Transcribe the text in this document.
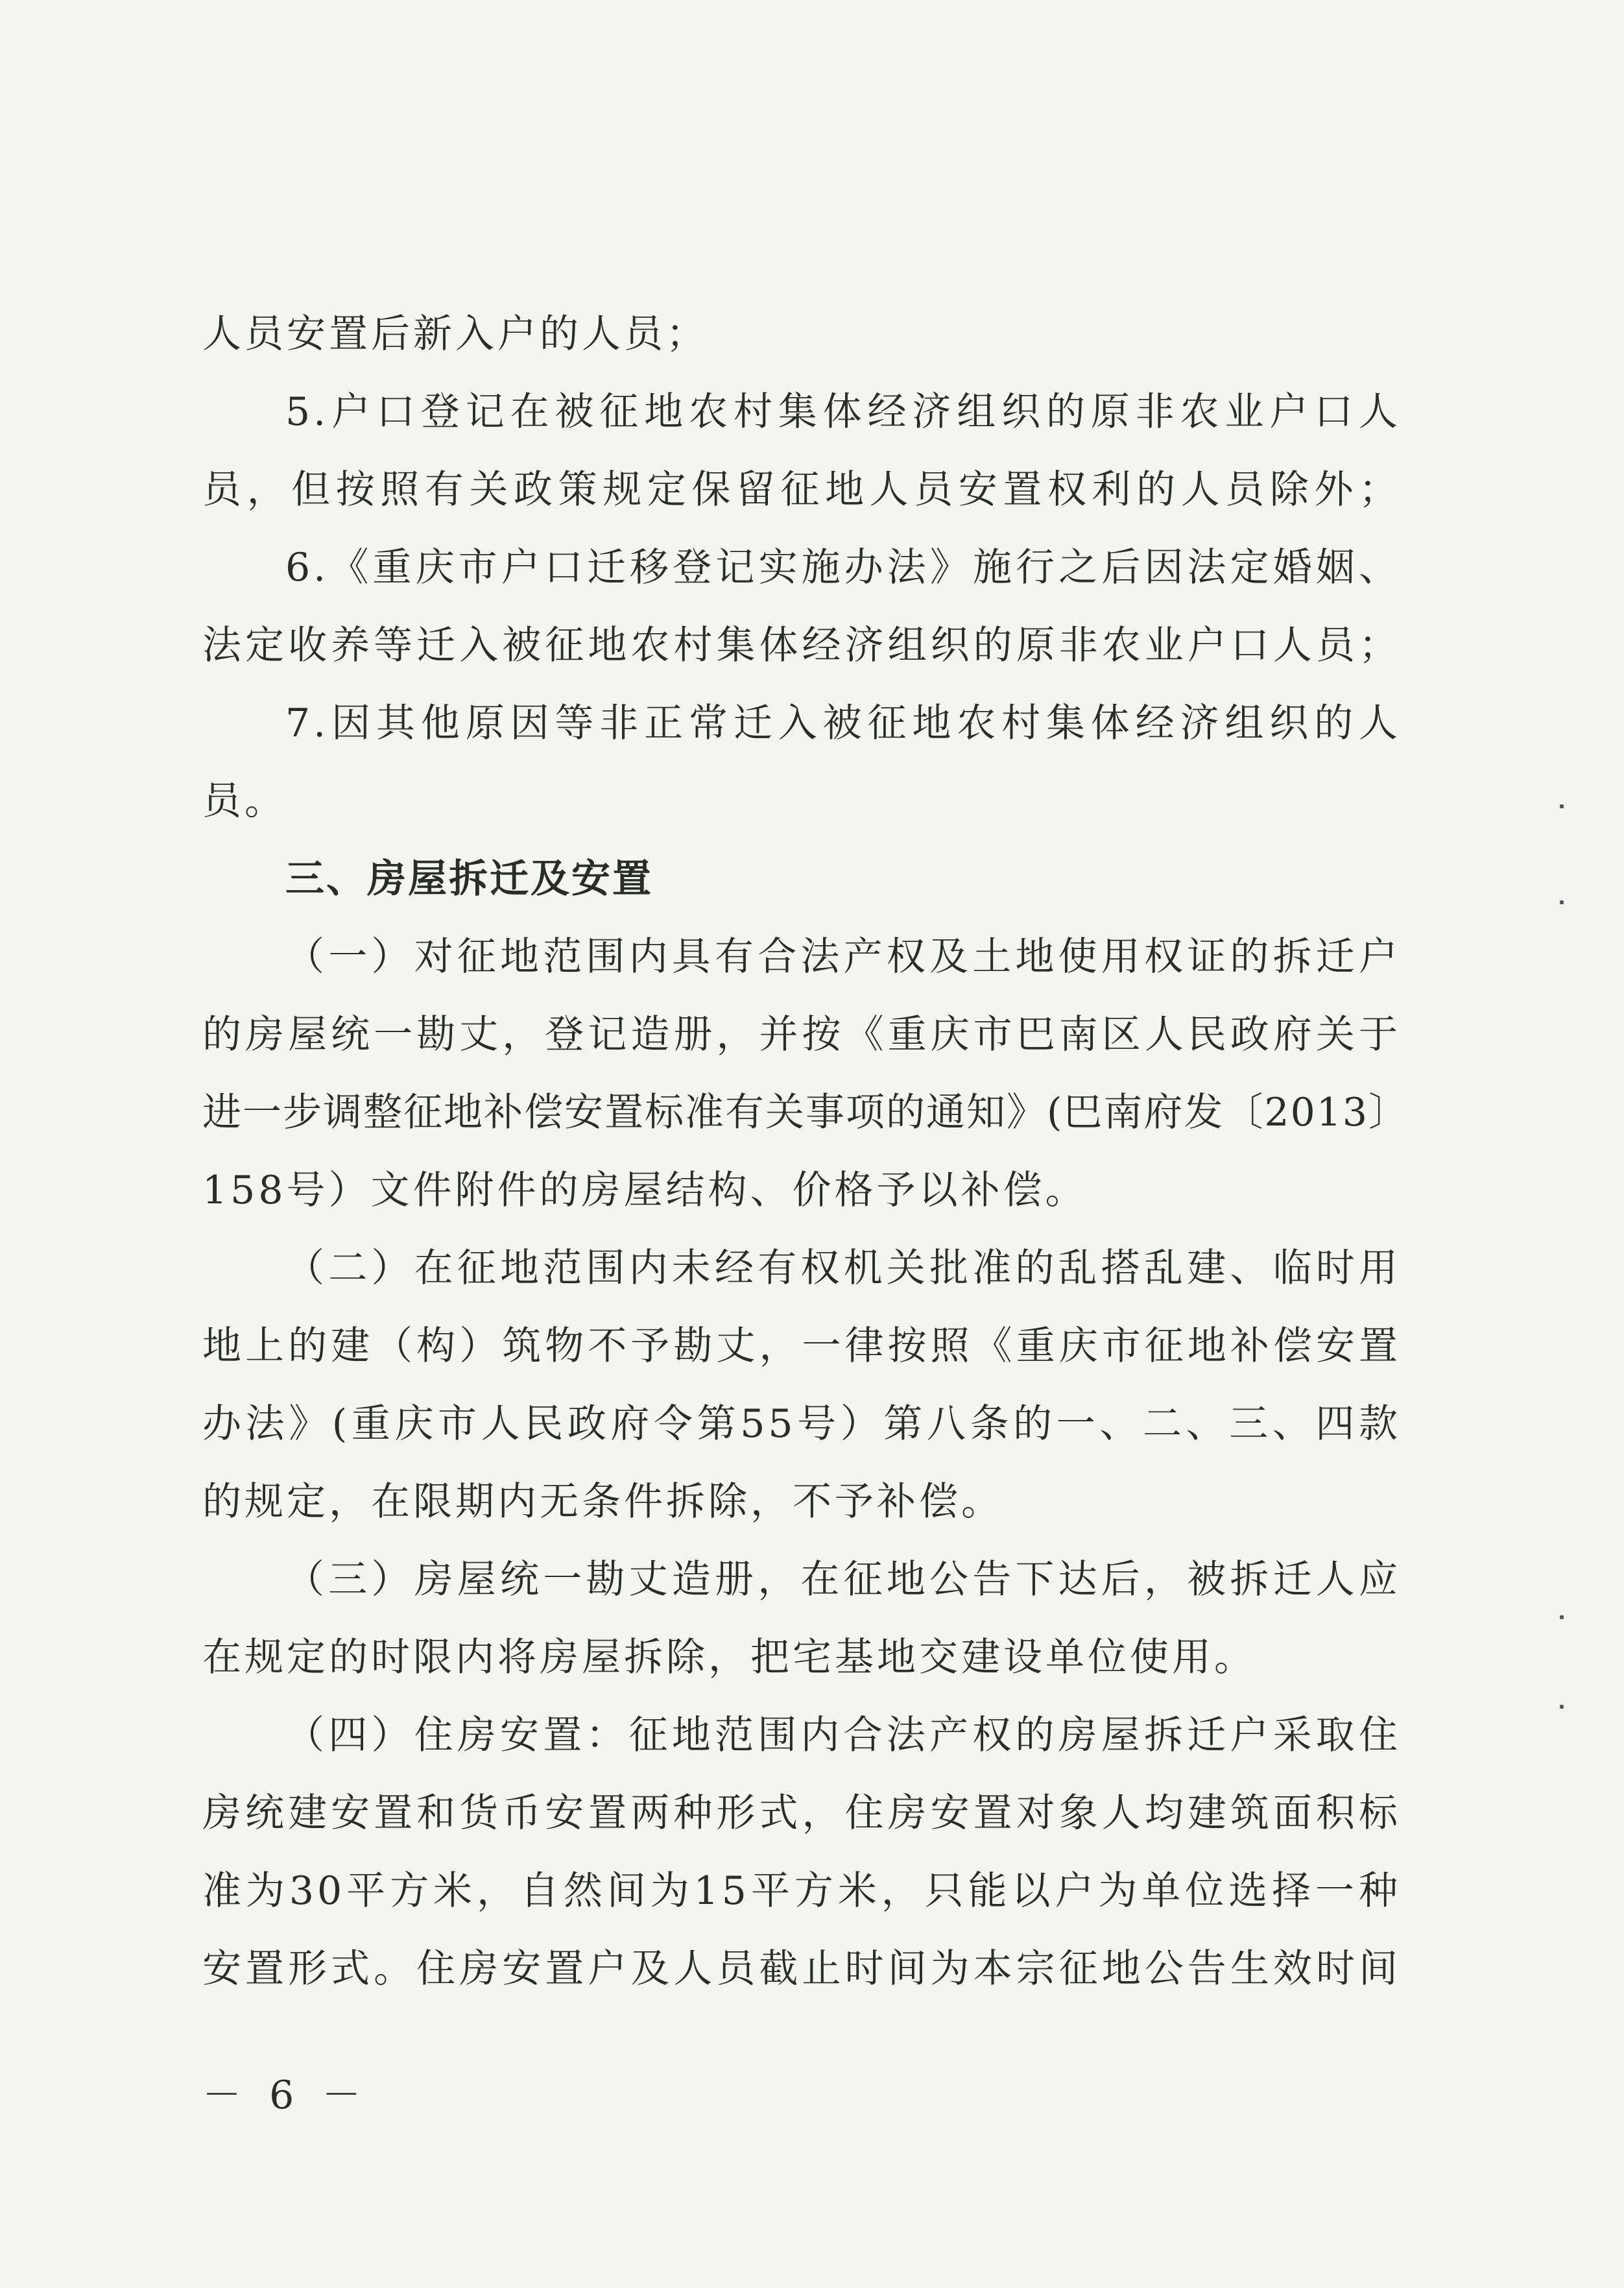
人员安置后新入户的人员；
5.户口登记在被征地农村集体经济组织的原非农业户口人
员，但按照有关政策规定保留征地人员安置权利的人员除外；
6.《重庆市户口迁移登记实施办法》施行之后因法定婚姻、
法定收养等迁入被征地农村集体经济组织的原非农业户口人员；
7.因其他原因等非正常迁入被征地农村集体经济组织的人
员。
三、房屋拆迁及安置
（一）对征地范围内具有合法产权及土地使用权证的拆迁户
的房屋统一勘丈，登记造册，并按《重庆市巴南区人民政府关于
进一步调整征地补偿安置标准有关事项的通知》(巴南府发〔2013〕
158号）文件附件的房屋结构、价格予以补偿。
（二）在征地范围内未经有权机关批准的乱搭乱建、临时用
地上的建（构）筑物不予勘丈，一律按照《重庆市征地补偿安置
办法》(重庆市人民政府令第55号）第八条的一、二、三、四款
的规定，在限期内无条件拆除，不予补偿。
（三）房屋统一勘丈造册，在征地公告下达后，被拆迁人应
在规定的时限内将房屋拆除，把宅基地交建设单位使用。
（四）住房安置：征地范围内合法产权的房屋拆迁户采取住
房统建安置和货币安置两种形式，住房安置对象人均建筑面积标
准为30平方米，自然间为15平方米，只能以户为单位选择一种
安置形式。住房安置户及人员截止时间为本宗征地公告生效时间
－ 6 －
